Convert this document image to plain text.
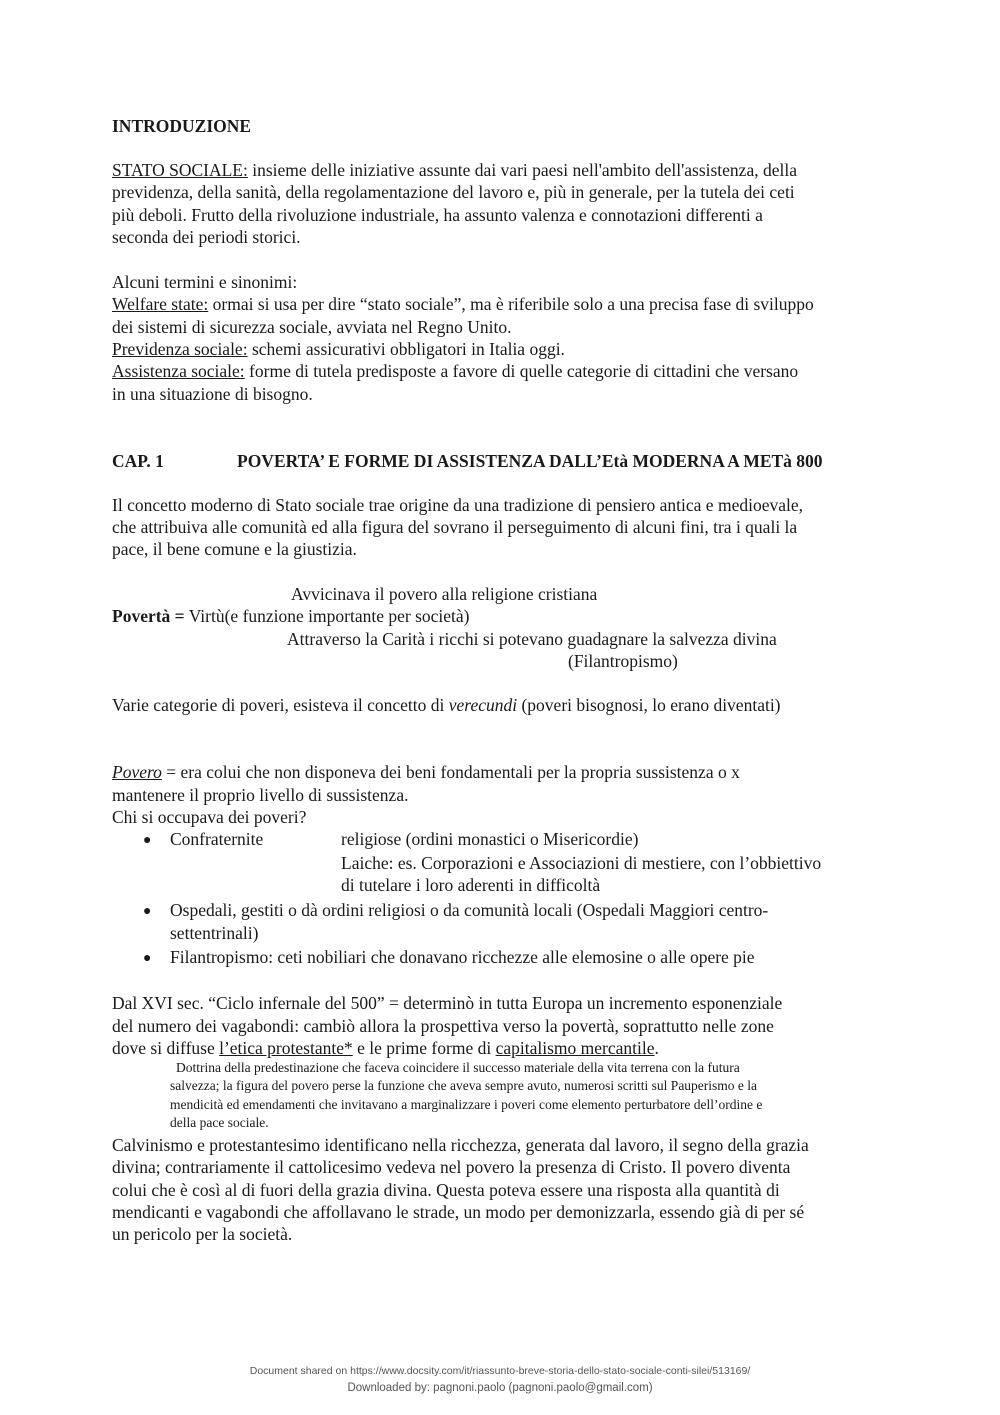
INTRODUZIONE
STATO SOCIALE: insieme delle iniziative assunte dai vari paesi nell'ambito dell'assistenza, della
previdenza, della sanità, della regolamentazione del lavoro e, più in generale, per la tutela dei ceti
più deboli. Frutto della rivoluzione industriale, ha assunto valenza e connotazioni differenti a
seconda dei periodi storici.
Alcuni termini e sinonimi:
Welfare state: ormai si usa per dire “stato sociale”, ma è riferibile solo a una precisa fase di sviluppo
dei sistemi di sicurezza sociale, avviata nel Regno Unito.
Previdenza sociale: schemi assicurativi obbligatori in Italia oggi.
Assistenza sociale: forme di tutela predisposte a favore di quelle categorie di cittadini che versano
in una situazione di bisogno.
CAP. 1	POVERTA’ E FORME DI ASSISTENZA DALL’Età MODERNA A METà 800
Il concetto moderno di Stato sociale trae origine da una tradizione di pensiero antica e medioevale,
che attribuiva alle comunità ed alla figura del sovrano il perseguimento di alcuni fini, tra i quali la
pace, il bene comune e la giustizia.
Avvicinava il povero alla religione cristiana
Povertà = Virtù(e funzione importante per società)
Attraverso la Carità i ricchi si potevano guadagnare la salvezza divina
(Filantropismo)
Varie categorie di poveri, esisteva il concetto di verecundi (poveri bisognosi, lo erano diventati)
Povero = era colui che non disponeva dei beni fondamentali per la propria sussistenza o x
mantenere il proprio livello di sussistenza.
Chi si occupava dei poveri?
● Confraternite	religiose (ordini monastici o Misericordie)
Laiche: es. Corporazioni e Associazioni di mestiere, con l’obbiettivo
di tutelare i loro aderenti in difficoltà
● Ospedali, gestiti o dà ordini religiosi o da comunità locali (Ospedali Maggiori centro-
settentrinali)
● Filantropismo: ceti nobiliari che donavano ricchezze alle elemosine o alle opere pie
Dal XVI sec. “Ciclo infernale del 500” = determinò in tutta Europa un incremento esponenziale
del numero dei vagabondi: cambiò allora la prospettiva verso la povertà, soprattutto nelle zone
dove si diffuse l’etica protestante* e le prime forme di capitalismo mercantile.
Dottrina della predestinazione che faceva coincidere il successo materiale della vita terrena con la futura
salvezza; la figura del povero perse la funzione che aveva sempre avuto, numerosi scritti sul Pauperismo e la
mendicità ed emendamenti che invitavano a marginalizzare i poveri come elemento perturbatore dell’ordine e
della pace sociale.
Calvinismo e protestantesimo identificano nella ricchezza, generata dal lavoro, il segno della grazia
divina; contrariamente il cattolicesimo vedeva nel povero la presenza di Cristo. Il povero diventa
colui che è così al di fuori della grazia divina. Questa poteva essere una risposta alla quantità di
mendicanti e vagabondi che affollavano le strade, un modo per demonizzarla, essendo già di per sé
un pericolo per la società.
Document shared on https://www.docsity.com/it/riassunto-breve-storia-dello-stato-sociale-conti-silei/513169/
Downloaded by: pagnoni.paolo (pagnoni.paolo@gmail.com)
